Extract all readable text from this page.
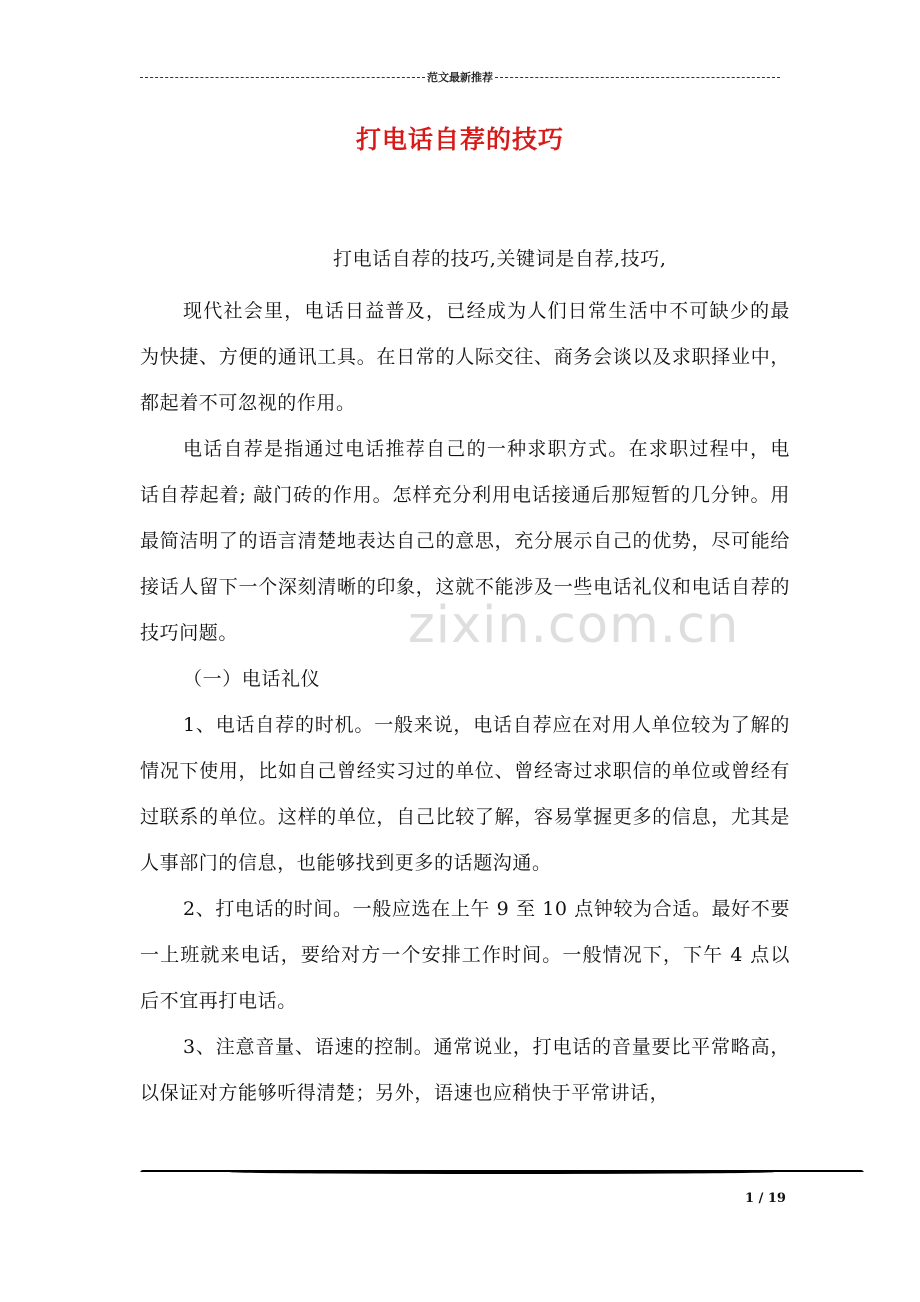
范文最新推荐
打电话自荐的技巧
zixin.com.cn

打电话自荐的技巧,关键词是自荐,技巧,

现代社会里，电话日益普及，已经成为人们日常生活中不可缺少的最为快捷、方便的通讯工具。在日常的人际交往、商务会谈以及求职择业中，都起着不可忽视的作用。

电话自荐是指通过电话推荐自己的一种求职方式。在求职过程中，电话自荐起着; 敲门砖的作用。怎样充分利用电话接通后那短暂的几分钟。用最简洁明了的语言清楚地表达自己的意思，充分展示自己的优势，尽可能给接话人留下一个深刻清晰的印象，这就不能涉及一些电话礼仪和电话自荐的技巧问题。

（一）电话礼仪

1、电话自荐的时机。一般来说，电话自荐应在对用人单位较为了解的情况下使用，比如自己曾经实习过的单位、曾经寄过求职信的单位或曾经有过联系的单位。这样的单位，自己比较了解，容易掌握更多的信息，尤其是人事部门的信息，也能够找到更多的话题沟通。

2、打电话的时间。一般应选在上午 9 至 10 点钟较为合适。最好不要一上班就来电话，要给对方一个安排工作时间。一般情况下，下午 4 点以后不宜再打电话。

3、注意音量、语速的控制。通常说业，打电话的音量要比平常略高，以保证对方能够听得清楚；另外，语速也应稍快于平常讲话，

1 / 19
